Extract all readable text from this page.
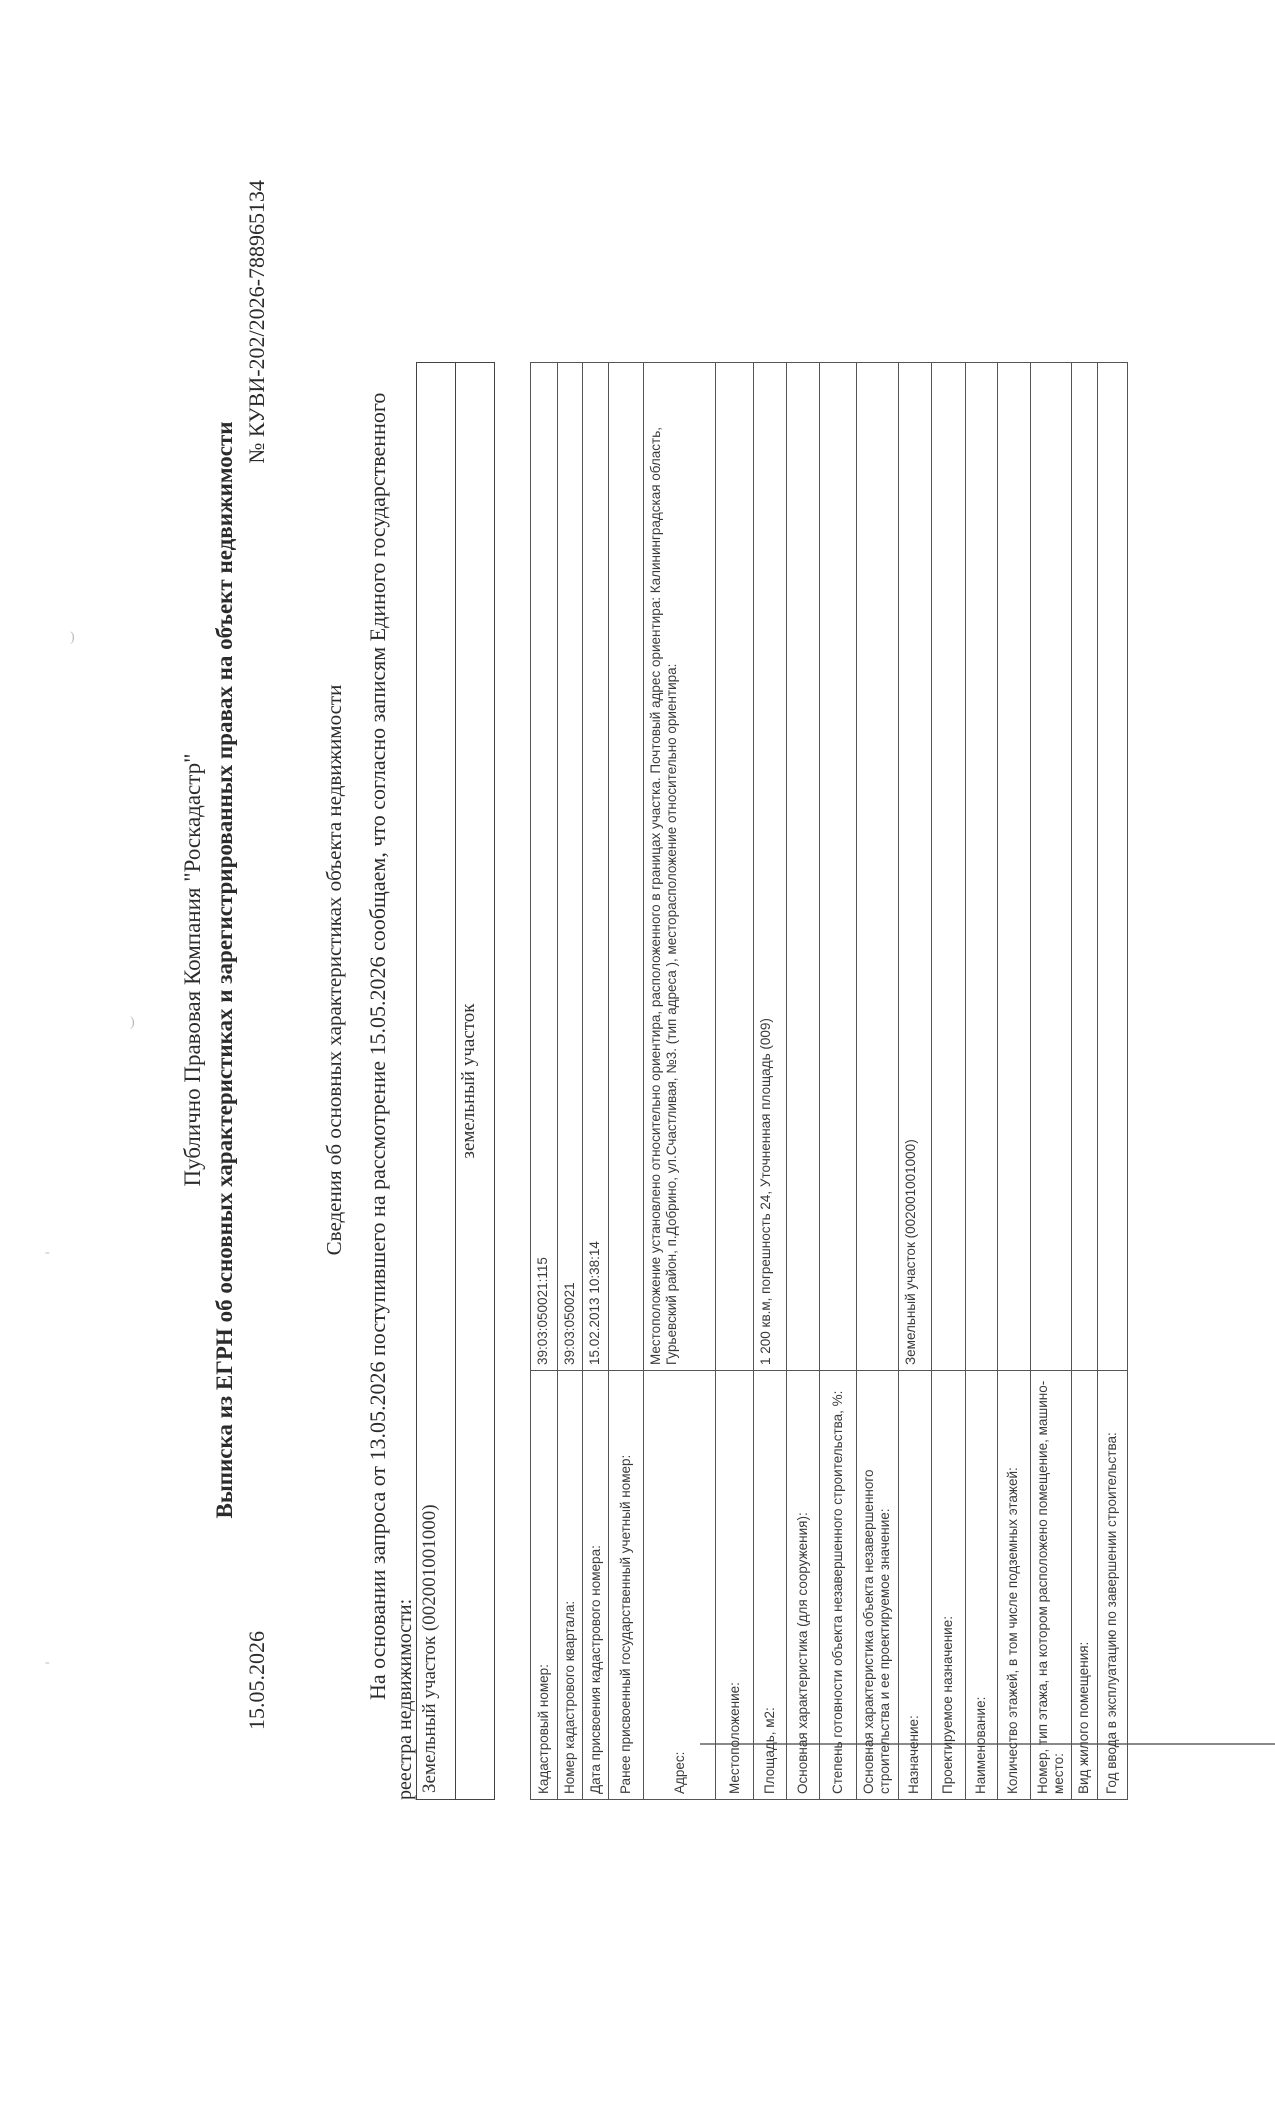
)
‐
)
‐
Публично Правовая Компания "Роскадастр" Выписка из ЕГРН об основных характеристиках и зарегистрированных правах на объект недвижимости
15.05.2026
№ КУВИ-202/2026-788965134
Сведения об основных характеристиках объекта недвижимости На основании запроса от 13.05.2026 поступившего на рассмотрение 15.05.2026 сообщаем, что согласно записям Единого государственного реестра недвижимости: Земельный участок (002001001000)
земельный участок
Кадастровый номер:	39:03:050021:115
Номер кадастрового квартала:	39:03:050021
Дата присвоения кадастрового номера:	15.02.2013 10:38:14
Ранее присвоенный государственный учетный номер:	
Адрес:	Местоположение установлено относительно ориентира, расположенного в границах участка. Почтовый адрес ориентира: Калининградская область, Гурьевский район, п.Добрино, ул.Счастливая, №3. (тип адреса ), месторасположение относительно ориентира:
Местоположение:	
Площадь, м2:	1 200 кв.м, погрешность 24, Уточненная площадь (009)
Основная характеристика (для сооружения):	
Степень готовности объекта незавершенного строительства, %:	
Основная характеристика объекта незавершенного строительства и ее проектируемое значение:	
Назначение:	Земельный участок (002001001000)
Проектируемое назначение:	
Наименование:	
Количество этажей, в том числе подземных этажей:	
Номер, тип этажа, на котором расположено помещение, машино-место:	
Вид жилого помещения:	
Год ввода в эксплуатацию по завершении строительства:	
